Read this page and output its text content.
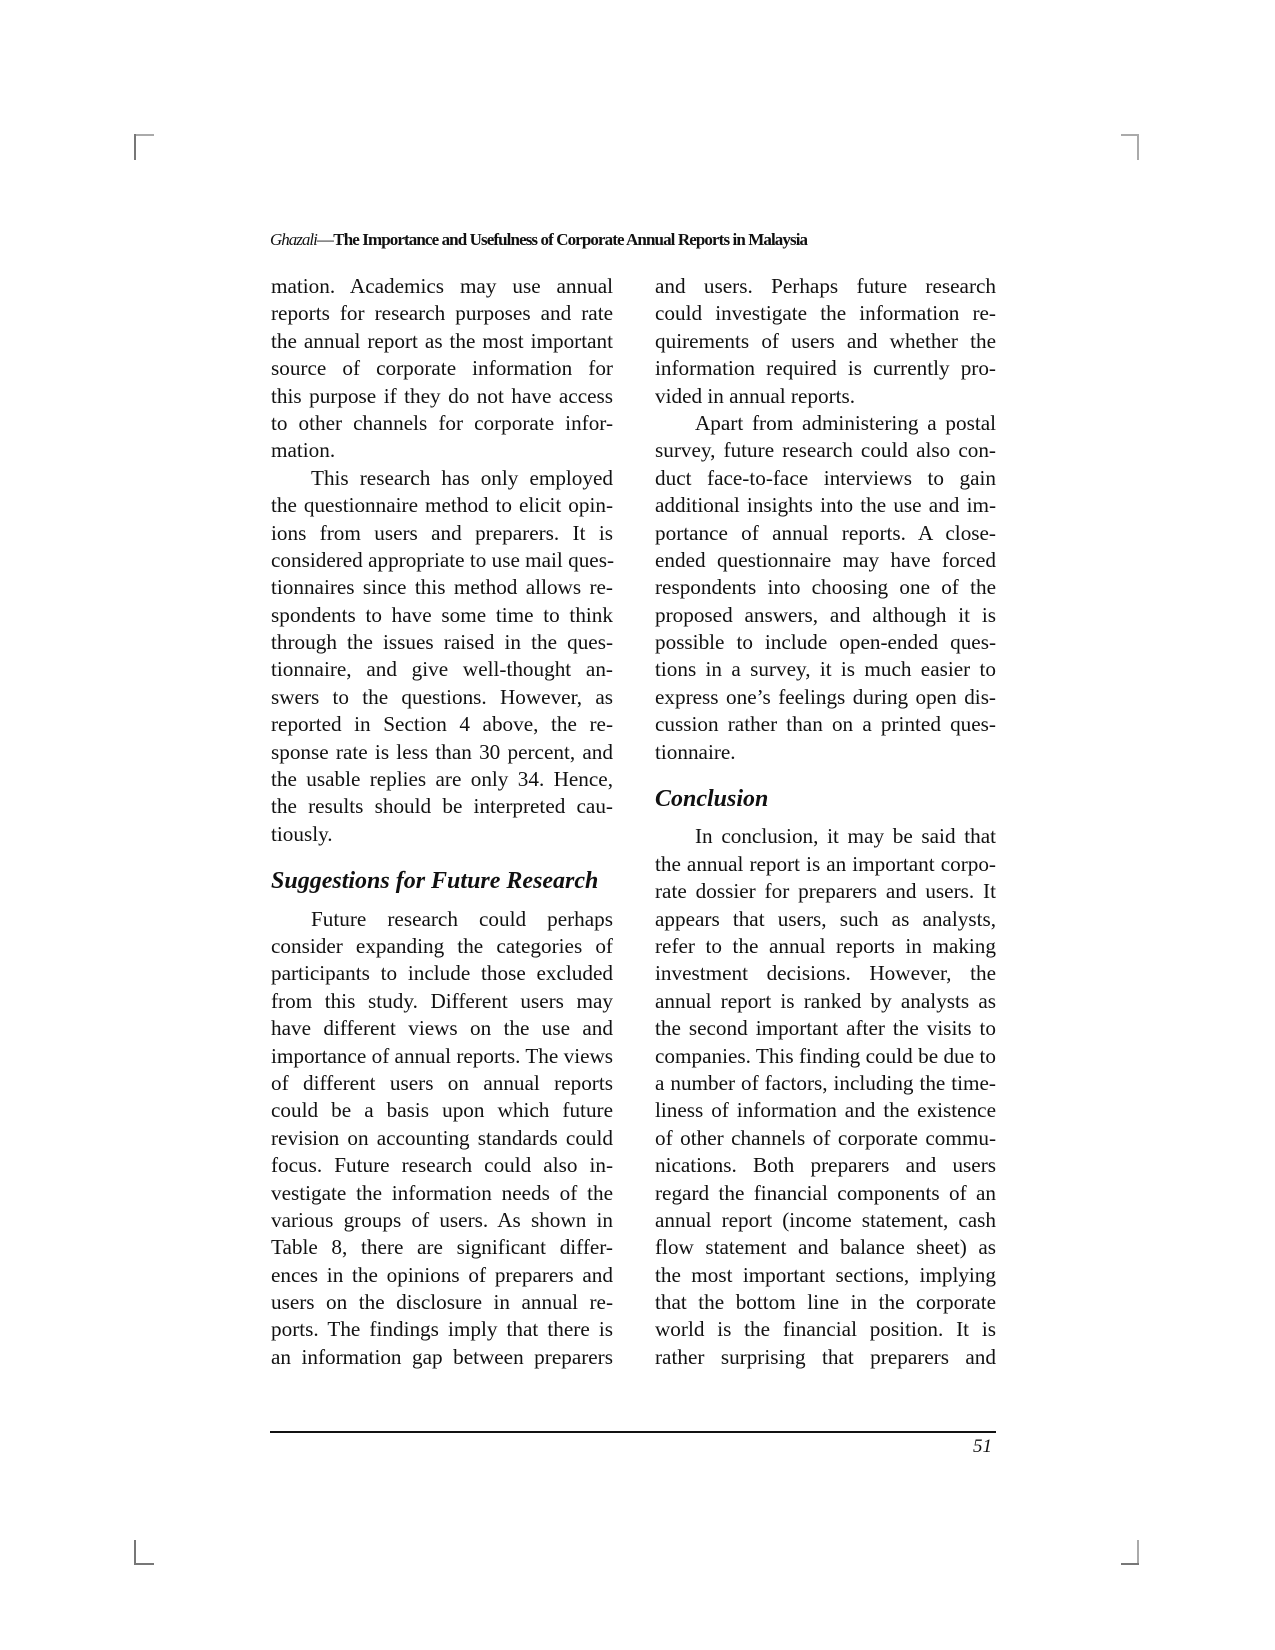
Ghazali—The Importance and Usefulness of Corporate Annual Reports in Malaysia
mation. Academics may use annual
reports for research purposes and rate
the annual report as the most important
source of corporate information for
this purpose if they do not have access
to other channels for corporate infor-
mation.
This research has only employed
the questionnaire method to elicit opin-
ions from users and preparers. It is
considered appropriate to use mail ques-
tionnaires since this method allows re-
spondents to have some time to think
through the issues raised in the ques-
tionnaire, and give well-thought an-
swers to the questions. However, as
reported in Section 4 above, the re-
sponse rate is less than 30 percent, and
the usable replies are only 34. Hence,
the results should be interpreted cau-
tiously.
Suggestions for Future Research
Future research could perhaps
consider expanding the categories of
participants to include those excluded
from this study. Different users may
have different views on the use and
importance of annual reports. The views
of different users on annual reports
could be a basis upon which future
revision on accounting standards could
focus. Future research could also in-
vestigate the information needs of the
various groups of users. As shown in
Table 8, there are significant differ-
ences in the opinions of preparers and
users on the disclosure in annual re-
ports. The findings imply that there is
an information gap between preparers
and users. Perhaps future research
could investigate the information re-
quirements of users and whether the
information required is currently pro-
vided in annual reports.
Apart from administering a postal
survey, future research could also con-
duct face-to-face interviews to gain
additional insights into the use and im-
portance of annual reports. A close-
ended questionnaire may have forced
respondents into choosing one of the
proposed answers, and although it is
possible to include open-ended ques-
tions in a survey, it is much easier to
express one’s feelings during open dis-
cussion rather than on a printed ques-
tionnaire.
Conclusion
In conclusion, it may be said that
the annual report is an important corpo-
rate dossier for preparers and users. It
appears that users, such as analysts,
refer to the annual reports in making
investment decisions. However, the
annual report is ranked by analysts as
the second important after the visits to
companies. This finding could be due to
a number of factors, including the time-
liness of information and the existence
of other channels of corporate commu-
nications. Both preparers and users
regard the financial components of an
annual report (income statement, cash
flow statement and balance sheet) as
the most important sections, implying
that the bottom line in the corporate
world is the financial position. It is
rather surprising that preparers and
51
